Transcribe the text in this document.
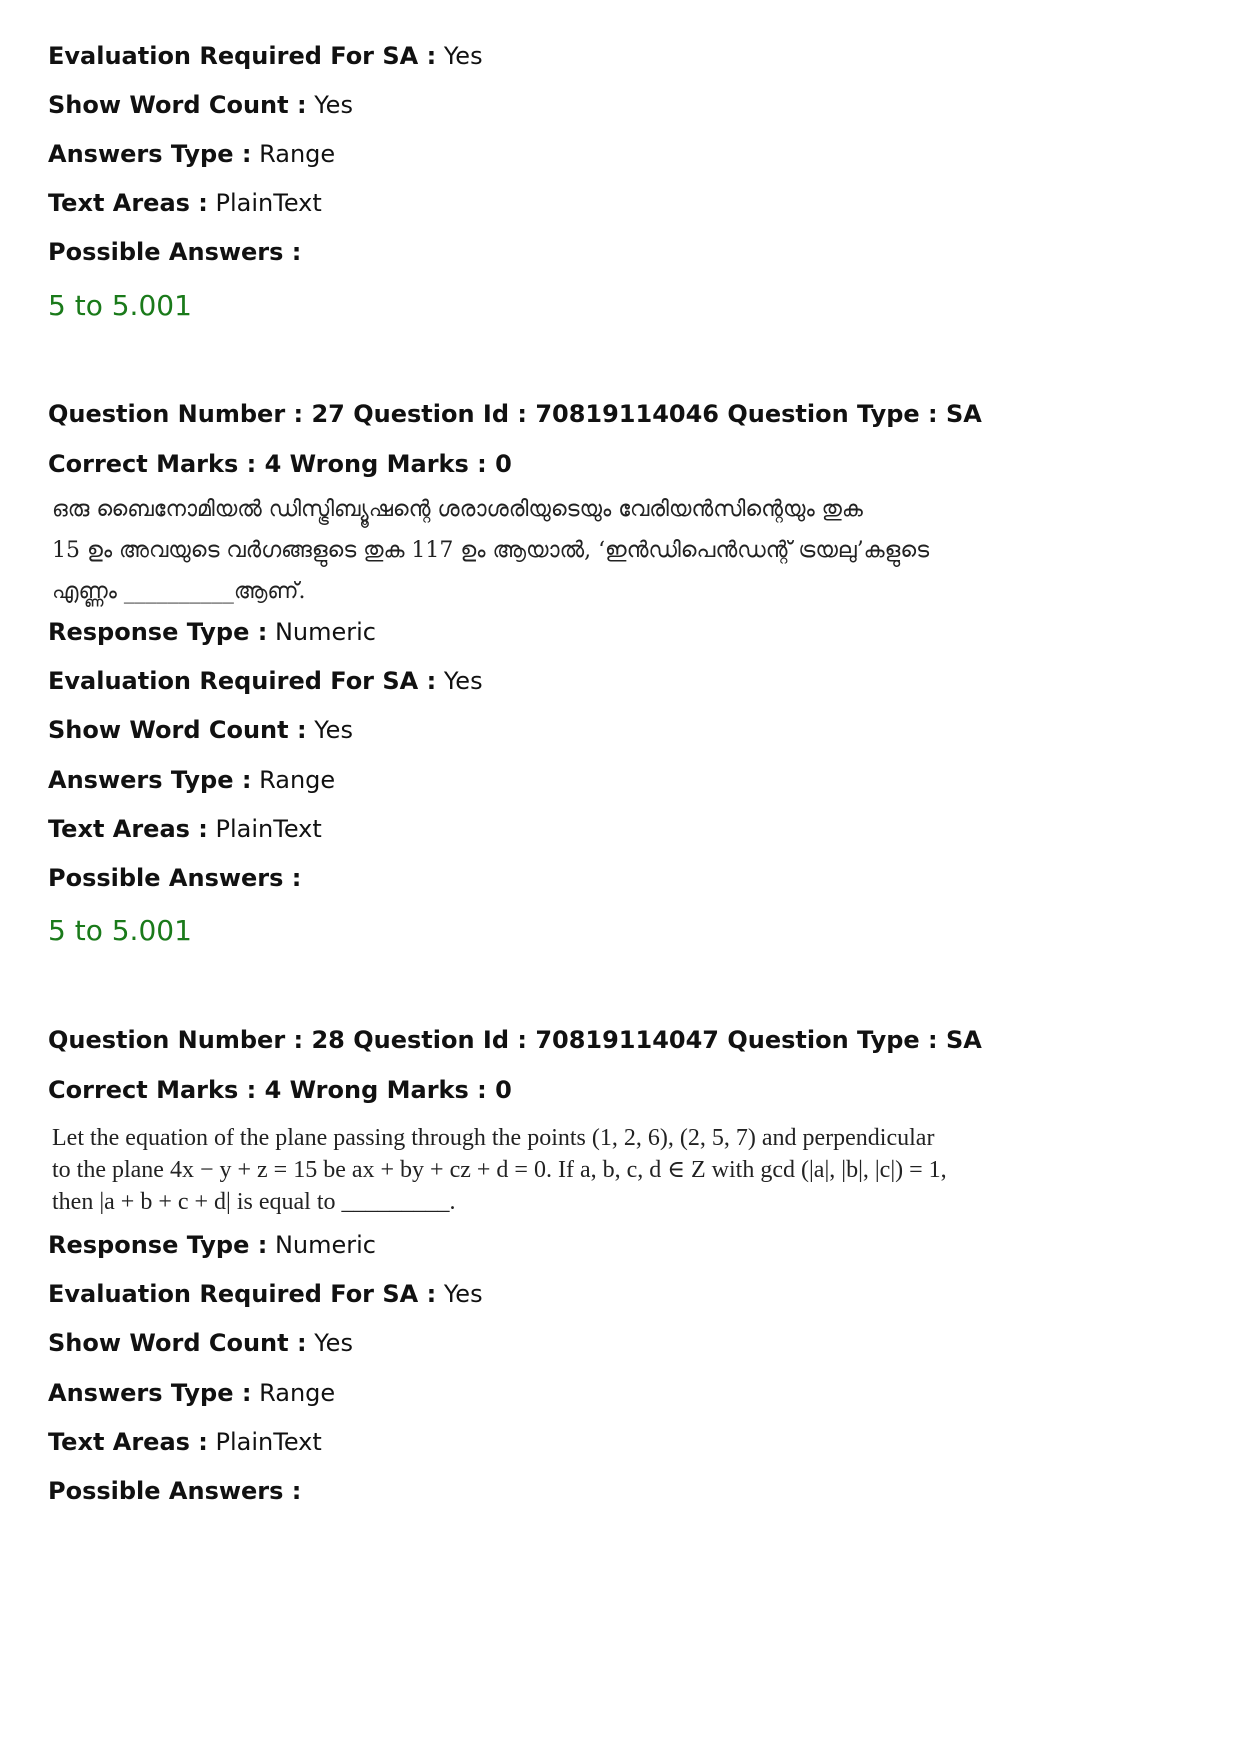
Evaluation Required For SA : Yes
Show Word Count : Yes
Answers Type : Range
Text Areas : PlainText
Possible Answers :
5 to 5.001
Question Number : 27 Question Id : 70819114046 Question Type : SA
Correct Marks : 4 Wrong Marks : 0
ഒരു ബൈനോമിയൽ ഡിസ്ട്രിബ്യൂഷന്റെ ശരാശരിയുടെയും വേരിയൻസിന്റെയും തുക
15 ഉം അവയുടെ വർഗങ്ങളുടെ തുക 117 ഉം ആയാൽ, ‘ഇൻഡിപെൻഡന്റ് ട്രയലു’കളുടെ
എണ്ണം __________ആണ്.
Response Type : Numeric
Evaluation Required For SA : Yes
Show Word Count : Yes
Answers Type : Range
Text Areas : PlainText
Possible Answers :
5 to 5.001
Question Number : 28 Question Id : 70819114047 Question Type : SA
Correct Marks : 4 Wrong Marks : 0
Let the equation of the plane passing through the points (1, 2, 6), (2, 5, 7) and perpendicular
to the plane 4x − y + z = 15 be ax + by + cz + d = 0. If a, b, c, d ∈ Z with gcd (|a|, |b|, |c|) = 1,
then |a + b + c + d| is equal to _________.
Response Type : Numeric
Evaluation Required For SA : Yes
Show Word Count : Yes
Answers Type : Range
Text Areas : PlainText
Possible Answers :
